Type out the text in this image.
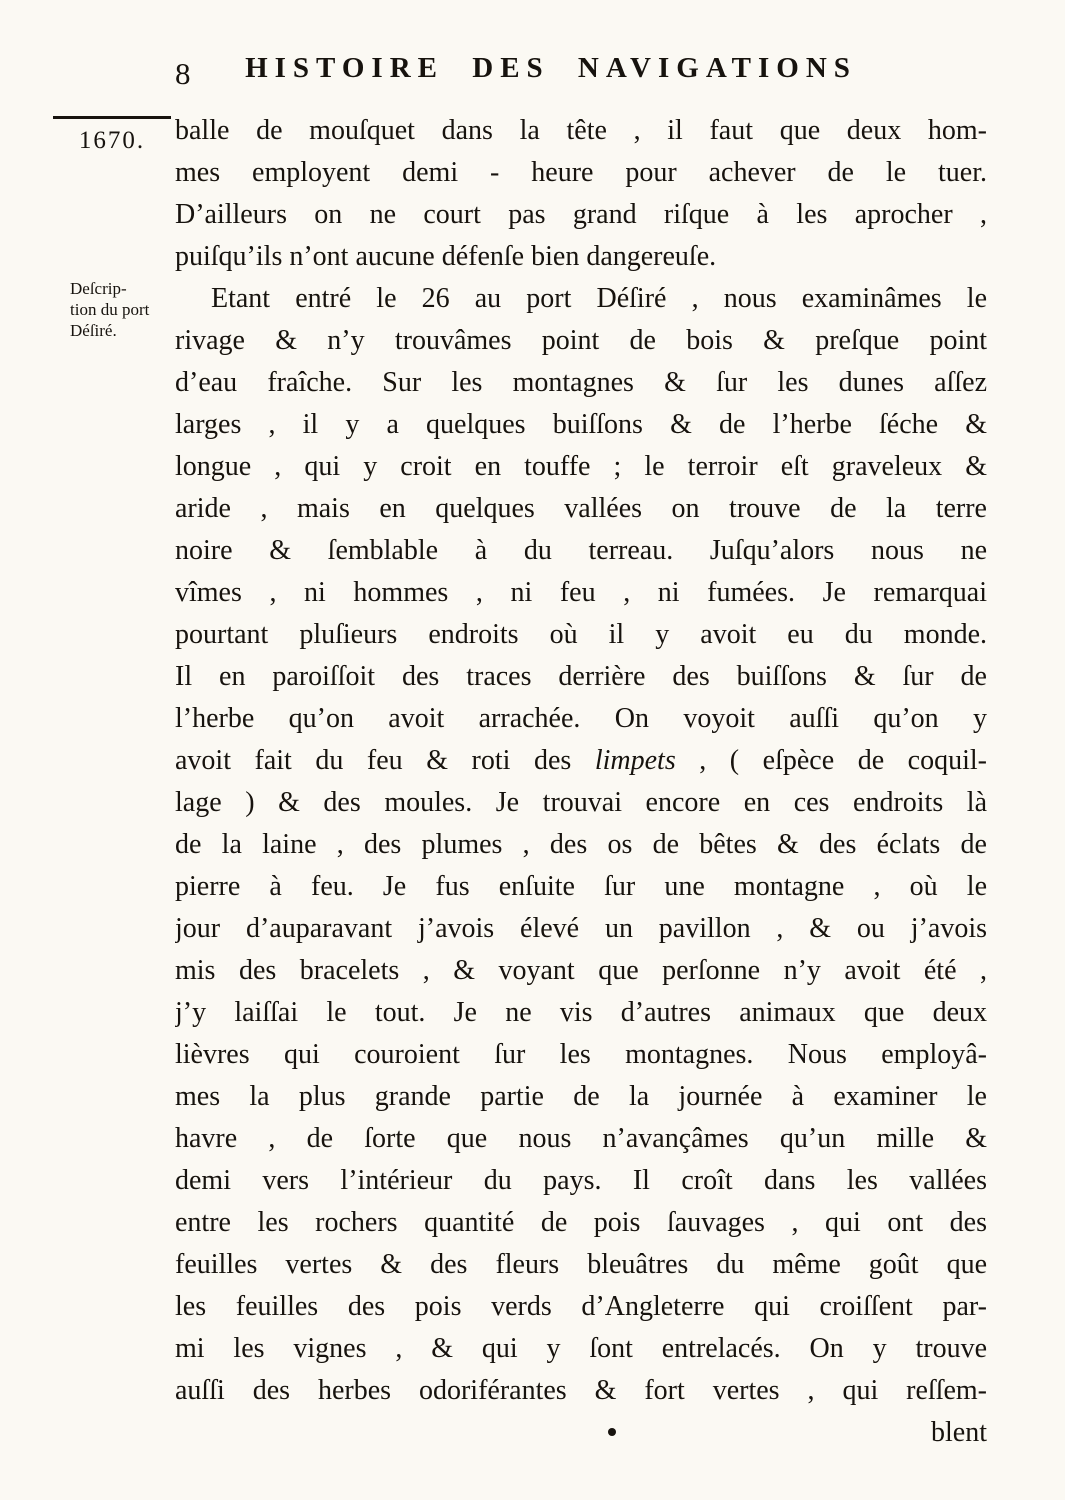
8	HISTOIRE DES NAVIGATIONS
1670.
Deſcrip-
tion du port
Déſiré.
balle de mouſquet dans la tête , il faut que deux hom-
mes employent demi - heure pour achever de le tuer.
D’ailleurs on ne court pas grand riſque à les aprocher ,
puiſqu’ils n’ont aucune défenſe bien dangereuſe.
Etant entré le 26 au port Déſiré , nous examinâmes le
rivage & n’y trouvâmes point de bois & preſque point
d’eau fraîche. Sur les montagnes & ſur les dunes aſſez
larges , il y a quelques buiſſons & de l’herbe ſéche &
longue , qui y croit en touffe ; le terroir eſt graveleux &
aride , mais en quelques vallées on trouve de la terre
noire & ſemblable à du terreau. Juſqu’alors nous ne
vîmes , ni hommes , ni feu , ni fumées. Je remarquai
pourtant pluſieurs endroits où il y avoit eu du monde.
Il en paroiſſoit des traces derrière des buiſſons & ſur de
l’herbe qu’on avoit arrachée. On voyoit auſſi qu’on y
avoit fait du feu & roti des limpets , ( eſpèce de coquil-
lage ) & des moules. Je trouvai encore en ces endroits là
de la laine , des plumes , des os de bêtes & des éclats de
pierre à feu. Je fus enſuite ſur une montagne , où le
jour d’auparavant j’avois élevé un pavillon , & ou j’avois
mis des bracelets , & voyant que perſonne n’y avoit été ,
j’y laiſſai le tout. Je ne vis d’autres animaux que deux
lièvres qui couroient ſur les montagnes. Nous employâ-
mes la plus grande partie de la journée à examiner le
havre , de ſorte que nous n’avançâmes qu’un mille &
demi vers l’intérieur du pays. Il croît dans les vallées
entre les rochers quantité de pois ſauvages , qui ont des
feuilles vertes & des fleurs bleuâtres du même goût que
les feuilles des pois verds d’Angleterre qui croiſſent par-
mi les vignes , & qui y ſont entrelacés. On y trouve
auſſi des herbes odoriférantes & fort vertes , qui reſſem-
blent
